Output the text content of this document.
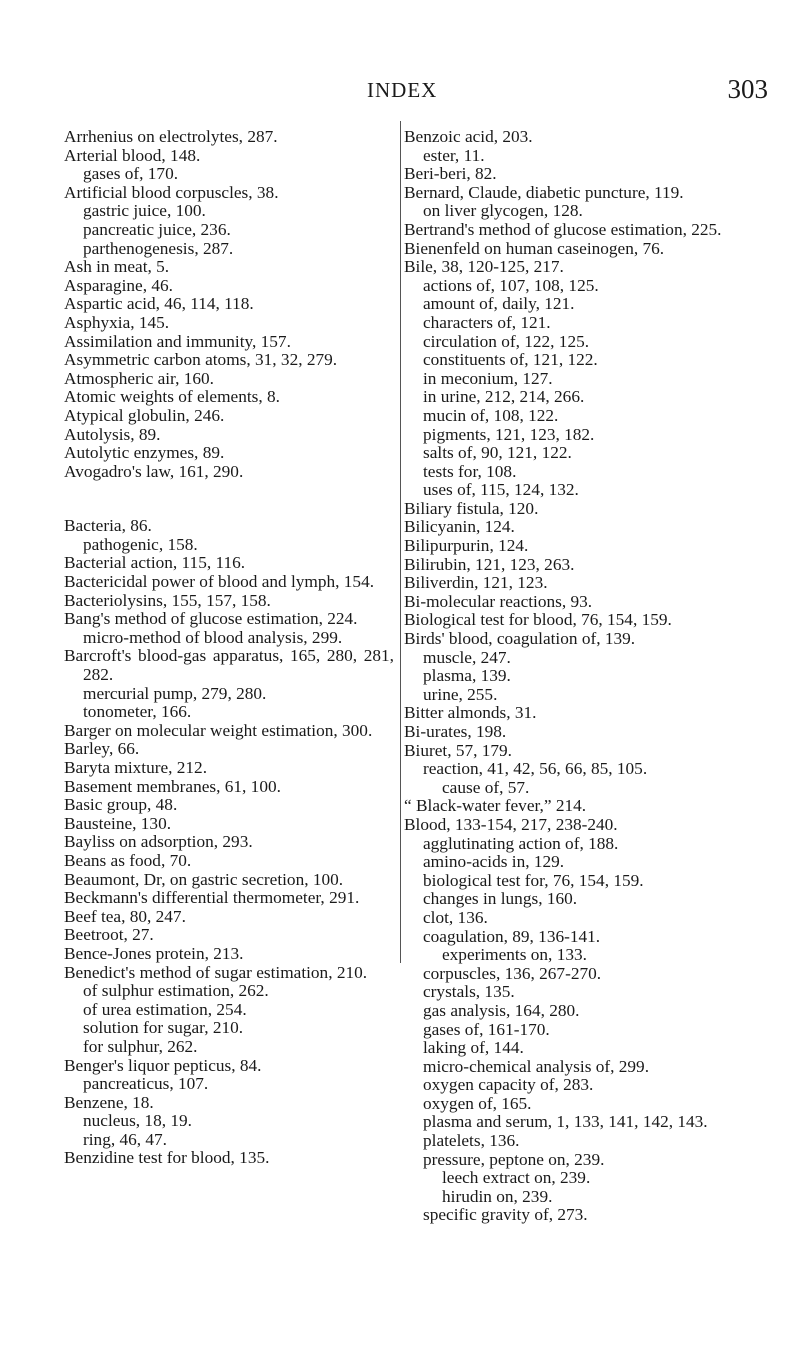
INDEX	303
Arrhenius on electrolytes, 287.
Arterial blood, 148.
gases of, 170.
Artificial blood corpuscles, 38.
gastric juice, 100.
pancreatic juice, 236.
parthenogenesis, 287.
Ash in meat, 5.
Asparagine, 46.
Aspartic acid, 46, 114, 118.
Asphyxia, 145.
Assimilation and immunity, 157.
Asymmetric carbon atoms, 31, 32, 279.
Atmospheric air, 160.
Atomic weights of elements, 8.
Atypical globulin, 246.
Autolysis, 89.
Autolytic enzymes, 89.
Avogadro's law, 161, 290.
Bacteria, 86.
pathogenic, 158.
Bacterial action, 115, 116.
Bactericidal power of blood and lymph, 154.
Bacteriolysins, 155, 157, 158.
Bang's method of glucose estimation, 224.
micro-method of blood analysis, 299.
Barcroft's blood-gas apparatus, 165, 280, 281, 282.
mercurial pump, 279, 280.
tonometer, 166.
Barger on molecular weight estimation, 300.
Barley, 66.
Baryta mixture, 212.
Basement membranes, 61, 100.
Basic group, 48.
Bausteine, 130.
Bayliss on adsorption, 293.
Beans as food, 70.
Beaumont, Dr, on gastric secretion, 100.
Beckmann's differential thermometer, 291.
Beef tea, 80, 247.
Beetroot, 27.
Bence-Jones protein, 213.
Benedict's method of sugar estimation, 210.
of sulphur estimation, 262.
of urea estimation, 254.
solution for sugar, 210.
for sulphur, 262.
Benger's liquor pepticus, 84.
pancreaticus, 107.
Benzene, 18.
nucleus, 18, 19.
ring, 46, 47.
Benzidine test for blood, 135.
Benzoic acid, 203.
ester, 11.
Beri-beri, 82.
Bernard, Claude, diabetic puncture, 119.
on liver glycogen, 128.
Bertrand's method of glucose estimation, 225.
Bienenfeld on human caseinogen, 76.
Bile, 38, 120-125, 217.
actions of, 107, 108, 125.
amount of, daily, 121.
characters of, 121.
circulation of, 122, 125.
constituents of, 121, 122.
in meconium, 127.
in urine, 212, 214, 266.
mucin of, 108, 122.
pigments, 121, 123, 182.
salts of, 90, 121, 122.
tests for, 108.
uses of, 115, 124, 132.
Biliary fistula, 120.
Bilicyanin, 124.
Bilipurpurin, 124.
Bilirubin, 121, 123, 263.
Biliverdin, 121, 123.
Bi-molecular reactions, 93.
Biological test for blood, 76, 154, 159.
Birds' blood, coagulation of, 139.
muscle, 247.
plasma, 139.
urine, 255.
Bitter almonds, 31.
Bi-urates, 198.
Biuret, 57, 179.
reaction, 41, 42, 56, 66, 85, 105.
cause of, 57.
“ Black-water fever,” 214.
Blood, 133-154, 217, 238-240.
agglutinating action of, 188.
amino-acids in, 129.
biological test for, 76, 154, 159.
changes in lungs, 160.
clot, 136.
coagulation, 89, 136-141.
experiments on, 133.
corpuscles, 136, 267-270.
crystals, 135.
gas analysis, 164, 280.
gases of, 161-170.
laking of, 144.
micro-chemical analysis of, 299.
oxygen capacity of, 283.
oxygen of, 165.
plasma and serum, 1, 133, 141, 142, 143.
platelets, 136.
pressure, peptone on, 239.
leech extract on, 239.
hirudin on, 239.
specific gravity of, 273.
